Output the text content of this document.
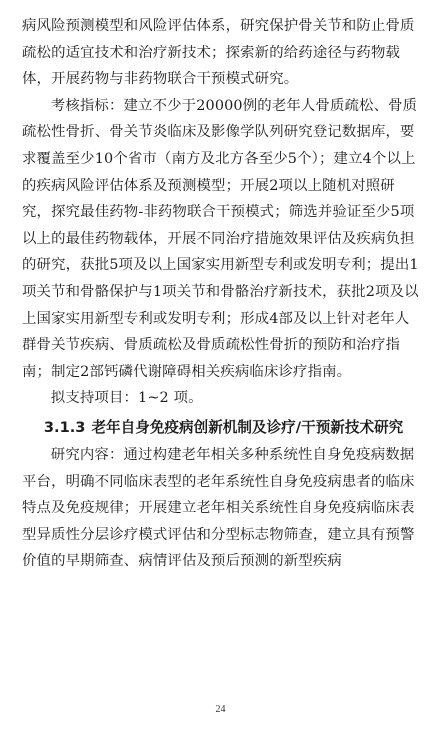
病风险预测模型和风险评估体系，研究保护骨关节和防止骨质疏松的适宜技术和治疗新技术；探索新的给药途径与药物载体，开展药物与非药物联合干预模式研究。

考核指标：建立不少于20000例的老年人骨质疏松、骨质疏松性骨折、骨关节炎临床及影像学队列研究登记数据库，要求覆盖至少10个省市（南方及北方各至少5个）；建立4个以上的疾病风险评估体系及预测模型；开展2项以上随机对照研究，探究最佳药物-非药物联合干预模式；筛选并验证至少5项以上的最佳药物载体，开展不同治疗措施效果评估及疾病负担的研究，获批5项及以上国家实用新型专利或发明专利；提出1项关节和骨骼保护与1项关节和骨骼治疗新技术，获批2项及以上国家实用新型专利或发明专利；形成4部及以上针对老年人群骨关节疾病、骨质疏松及骨质疏松性骨折的预防和治疗指南；制定2部钙磷代谢障碍相关疾病临床诊疗指南。

拟支持项目：1~2 项。

3.1.3 老年自身免疫病创新机制及诊疗/干预新技术研究

研究内容：通过构建老年相关多种系统性自身免疫病数据平台，明确不同临床表型的老年系统性自身免疫病患者的临床特点及免疫规律；开展建立老年相关系统性自身免疫病临床表型异质性分层诊疗模式评估和分型标志物筛查，建立具有预警价值的早期筛查、病情评估及预后预测的新型疾病

24
